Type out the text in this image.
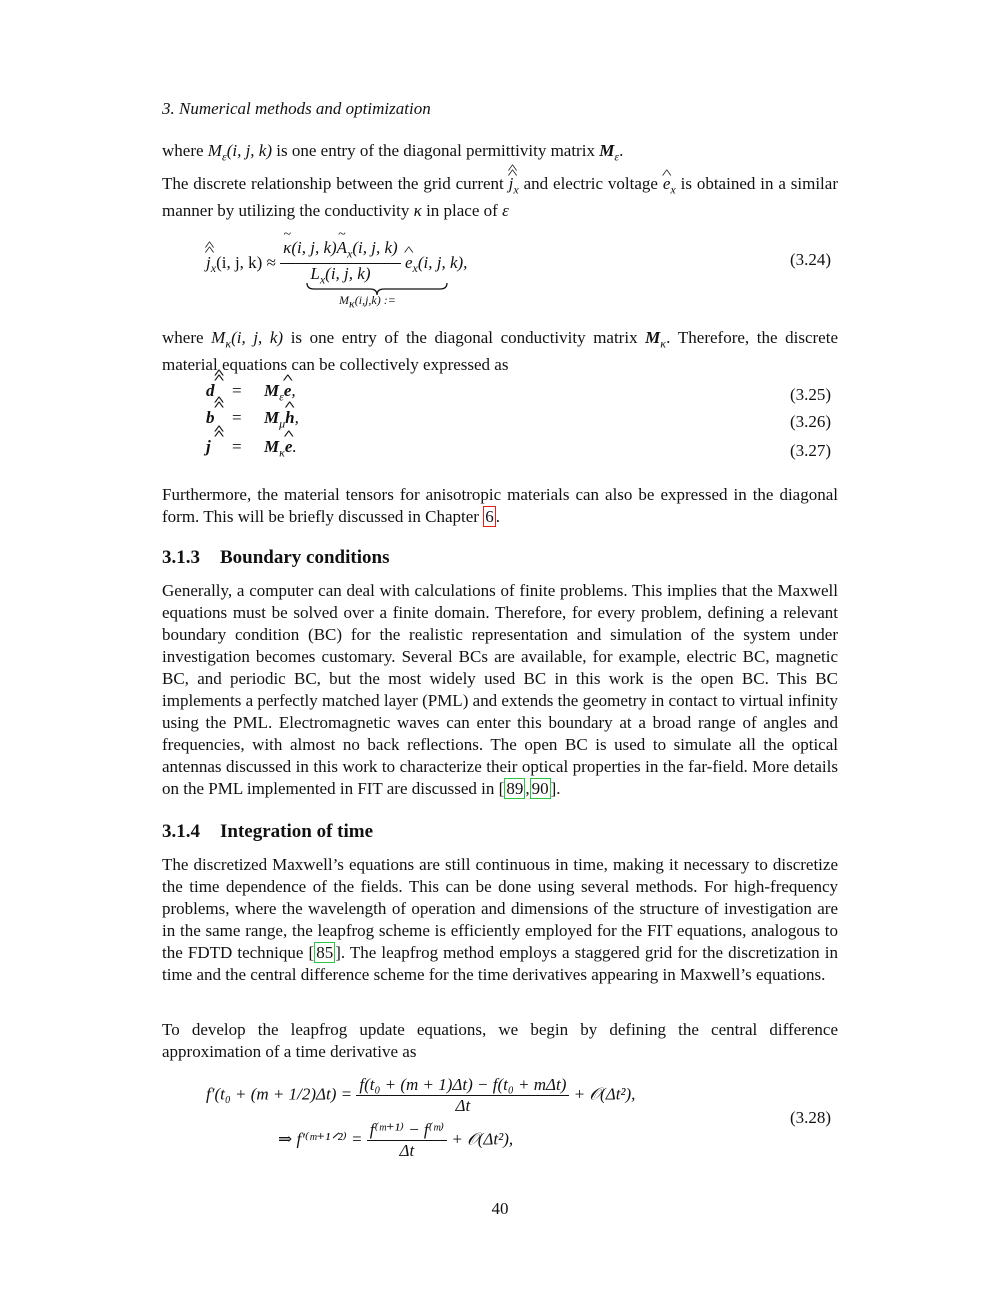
3. Numerical methods and optimization
where $M_\varepsilon(i$, j, k) is one entry of the diagonal permittivity matrix $M_\varepsilon$.
The discrete relationship between the grid current ^ j $\^{}_x$ and electric voltage ^ $e_x$ is obtained in a similar manner by utilizing the conductivity κ in place of ε
^ j $\^{}_x(i$, j, k) ≈ ~ $\frac{\kappa(i, j, k)\sim A_x(i, j, k)}{L_x(i, j, k)}$ ^ $e_x(i$, j, k),
$M_\kappa(i,j,k)$ :=
(3.24)
where $M_\kappa(i$, j, k) is one entry of the diagonal conductivity matrix $M_\kappa$. Therefore, the discrete material equations can be collectively expressed as
^ d ^ = $M_\varepsilon\^{}$ e,	(3.25)
^ b ^ = $M_\mu\^{}$ h,	(3.26)
^ j ^ = $M_\kappa\^{}$ e.	(3.27)
Furthermore, the material tensors for anisotropic materials can also be expressed in the diagonal form. This will be briefly discussed in Chapter 6 .
3.1.3 Boundary conditions
Generally, a computer can deal with calculations of finite problems. This implies that the Maxwell equations must be solved over a finite domain. Therefore, for every problem, defining a relevant boundary condition (BC) for the realistic representation and simulation of the system under investigation becomes customary. Several BCs are available, for example, electric BC, magnetic BC, and periodic BC, but the most widely used BC in this work is the open BC. This BC implements a perfectly matched layer (PML) and extends the geometry in contact to virtual infinity using the PML. Electromagnetic waves can enter this boundary at a broad range of angles and frequencies, with almost no back reflections. The open BC is used to simulate all the optical antennas discussed in this work to characterize their optical properties in the far-field. More details on the PML implemented in FIT are discussed in [ 89 , 90 ].
3.1.4 Integration of time
The discretized Maxwell’s equations are still continuous in time, making it necessary to discretize the time dependence of the fields. This can be done using several methods. For high-frequency problems, where the wavelength of operation and dimensions of the structure of investigation are in the same range, the leapfrog scheme is efficiently employed for the FIT equations, analogous to the FDTD technique [ 85 ]. The leapfrog method employs a staggered grid for the discretization in time and the central difference scheme for the time derivatives appearing in Maxwell’s equations.
To develop the leapfrog update equations, we begin by defining the central difference approximation of a time derivative as
$f'(t_0 + (m + 1/2)\Delta t) = \frac{\text{f(t₀ + (m + 1)Δt) − f(t₀ + mΔt)}}{\Delta t}$ + 𝒪(Δt²),
⇒ f′⁽ᵐ⁺¹ᐟ²⁾ = $\frac{\text{f⁽ᵐ⁺¹⁾ − f⁽ᵐ⁾}}{\Delta t}$ + 𝒪(Δt²),
(3.28)
40
